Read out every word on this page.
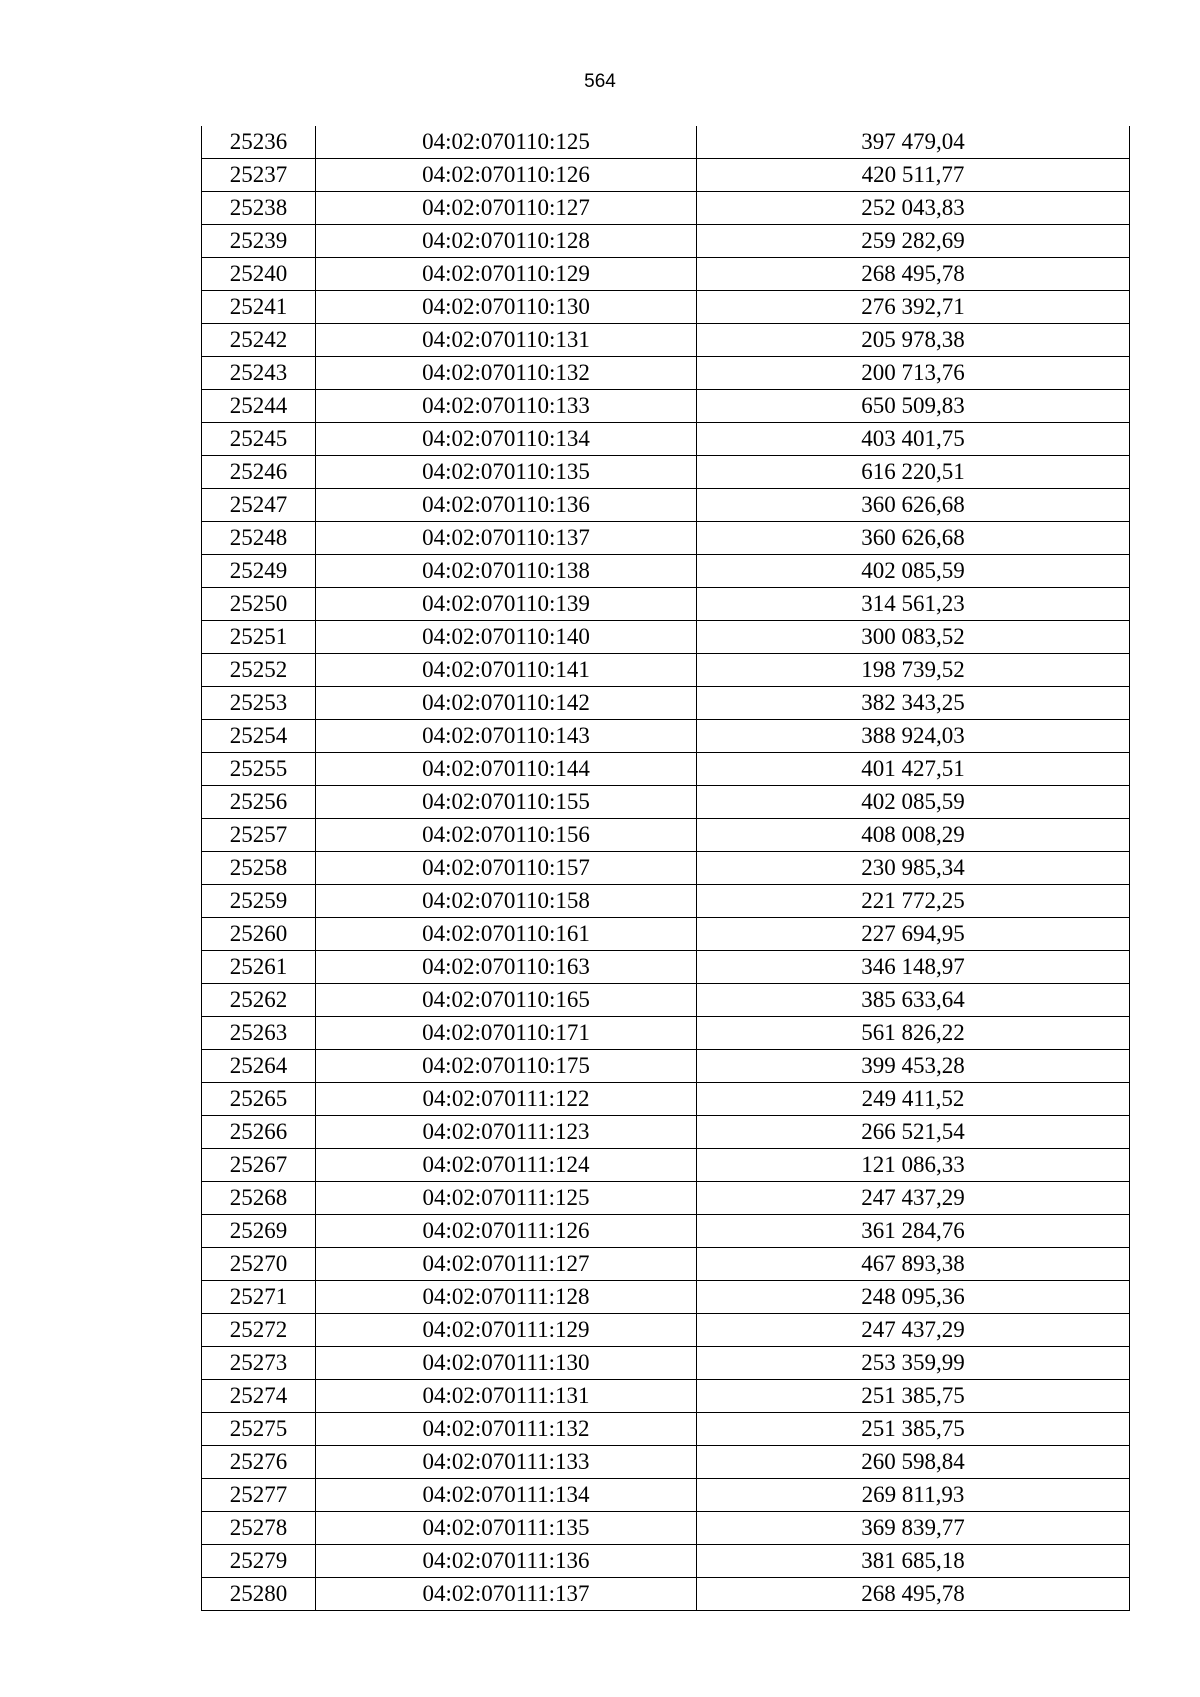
564
25236	04:02:070110:125	397 479,04
25237	04:02:070110:126	420 511,77
25238	04:02:070110:127	252 043,83
25239	04:02:070110:128	259 282,69
25240	04:02:070110:129	268 495,78
25241	04:02:070110:130	276 392,71
25242	04:02:070110:131	205 978,38
25243	04:02:070110:132	200 713,76
25244	04:02:070110:133	650 509,83
25245	04:02:070110:134	403 401,75
25246	04:02:070110:135	616 220,51
25247	04:02:070110:136	360 626,68
25248	04:02:070110:137	360 626,68
25249	04:02:070110:138	402 085,59
25250	04:02:070110:139	314 561,23
25251	04:02:070110:140	300 083,52
25252	04:02:070110:141	198 739,52
25253	04:02:070110:142	382 343,25
25254	04:02:070110:143	388 924,03
25255	04:02:070110:144	401 427,51
25256	04:02:070110:155	402 085,59
25257	04:02:070110:156	408 008,29
25258	04:02:070110:157	230 985,34
25259	04:02:070110:158	221 772,25
25260	04:02:070110:161	227 694,95
25261	04:02:070110:163	346 148,97
25262	04:02:070110:165	385 633,64
25263	04:02:070110:171	561 826,22
25264	04:02:070110:175	399 453,28
25265	04:02:070111:122	249 411,52
25266	04:02:070111:123	266 521,54
25267	04:02:070111:124	121 086,33
25268	04:02:070111:125	247 437,29
25269	04:02:070111:126	361 284,76
25270	04:02:070111:127	467 893,38
25271	04:02:070111:128	248 095,36
25272	04:02:070111:129	247 437,29
25273	04:02:070111:130	253 359,99
25274	04:02:070111:131	251 385,75
25275	04:02:070111:132	251 385,75
25276	04:02:070111:133	260 598,84
25277	04:02:070111:134	269 811,93
25278	04:02:070111:135	369 839,77
25279	04:02:070111:136	381 685,18
25280	04:02:070111:137	268 495,78
